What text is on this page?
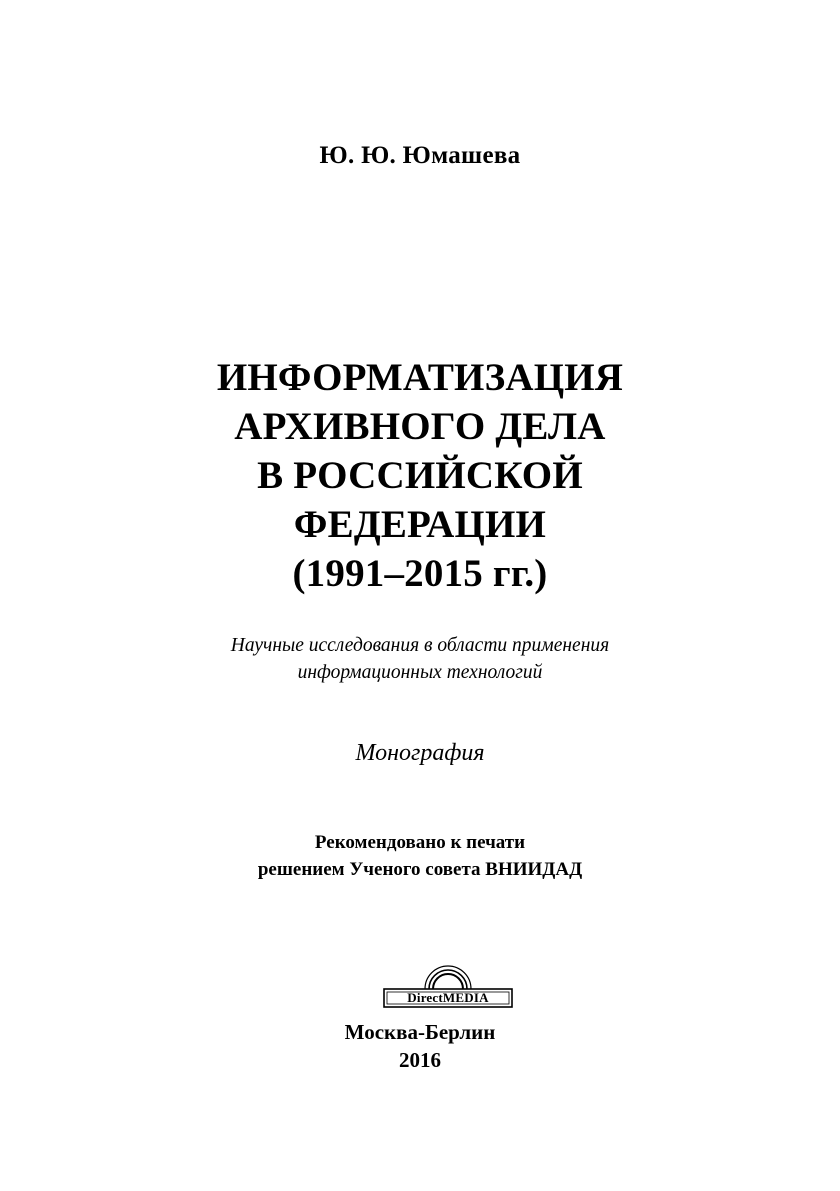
Ю. Ю. Юмашева

ИНФОРМАТИЗАЦИЯ
АРХИВНОГО ДЕЛА
В РОССИЙСКОЙ
ФЕДЕРАЦИИ
(1991–2015 гг.)

Научные исследования в области применения
информационных технологий

Монография

Рекомендовано к печати
решением Ученого совета ВНИИДАД

DirectMEDIA

Москва-Берлин

2016
